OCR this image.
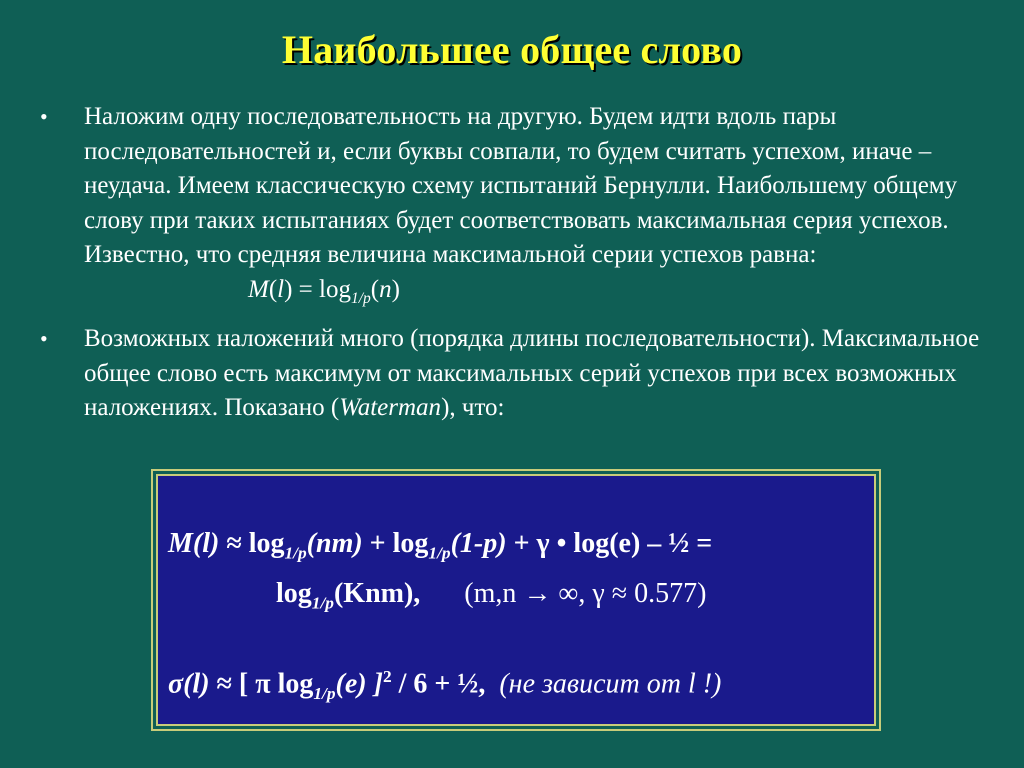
Наибольшее общее слово
• Наложим одну последовательность на другую. Будем идти вдоль пары последовательностей и, если буквы совпали, то будем считать успехом, иначе – неудача. Имеем классическую схему испытаний Бернулли. Наибольшему общему слову при таких испытаниях будет соответствовать максимальная серия успехов. Известно, что средняя величина максимальной серии успехов равна:
$M(l) = \log_{1/p}(n)$
• Возможных наложений много (порядка длины последовательности). Максимальное общее слово есть максимум от максимальных серий успехов при всех возможных наложениях. Показано (Waterman), что:
$M(l) \approx \log_{1/p}(nm) + \log_{1/p}(1-p) + \gamma$ • log(e) – ½ =
$\log_{1/p}(Knm)$, (m,n → ∞, γ ≈ 0.577)
σ(l) ≈ [ π $\log_{1/p}(e)$ ]$^2$ / 6 + ½, (не зависит от l !)
